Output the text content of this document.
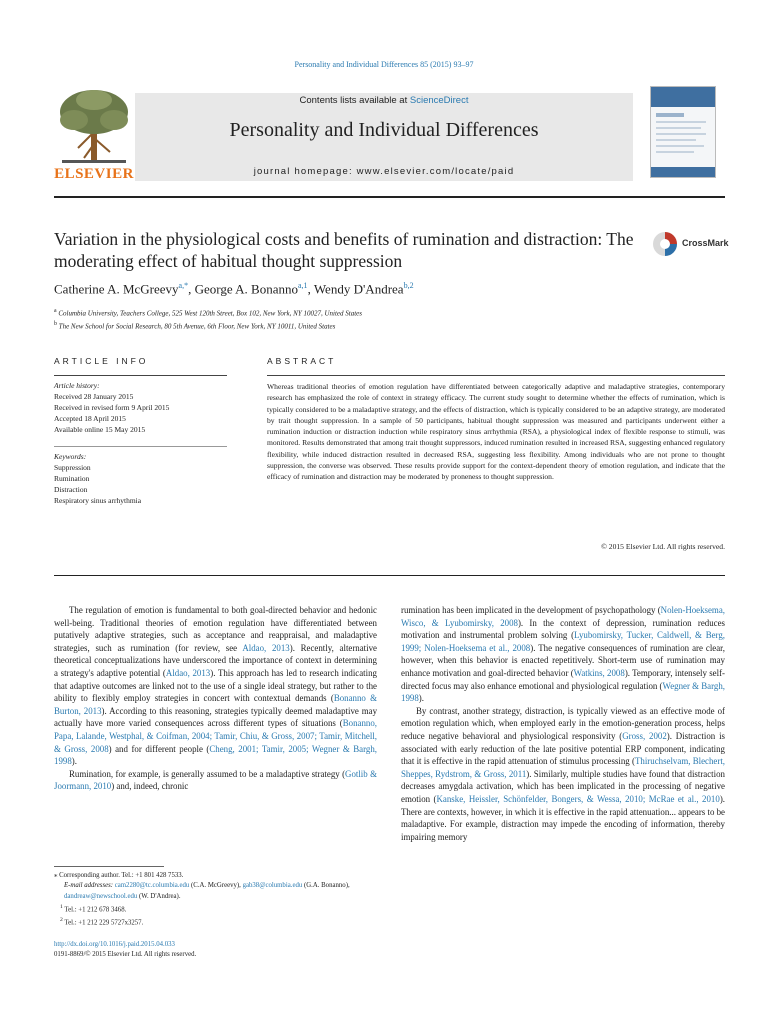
Personality and Individual Differences 85 (2015) 93–97
ELSEVIER
Contents lists available at ScienceDirect
Personality and Individual Differences
journal homepage: www.elsevier.com/locate/paid
Variation in the physiological costs and benefits of rumination and distraction: The moderating effect of habitual thought suppression
CrossMark
Catherine A. McGreevy$^{a,*}$, George A. Bonanno$^{a,1}$, Wendy D'Andrea$^{b,2}$
$^a$ Columbia University, Teachers College, 525 West 120th Street, Box 102, New York, NY 10027, United States
$^b$ The New School for Social Research, 80 5th Avenue, 6th Floor, New York, NY 10011, United States
ARTICLE INFO
Article history:
Received 28 January 2015
Received in revised form 9 April 2015
Accepted 18 April 2015
Available online 15 May 2015
Keywords:
Suppression
Rumination
Distraction
Respiratory sinus arrhythmia
ABSTRACT
Whereas traditional theories of emotion regulation have differentiated between categorically adaptive and maladaptive strategies, contemporary research has emphasized the role of context in strategy efficacy. The current study sought to determine whether the effects of rumination, which is typically considered to be a maladaptive strategy, and the effects of distraction, which is typically considered to be an adaptive strategy, are moderated by trait thought suppression. In a sample of 50 participants, habitual thought suppression was measured and participants underwent either a rumination induction or distraction induction while respiratory sinus arrhythmia (RSA), a physiological index of flexible response to stimuli, was monitored. Results demonstrated that among trait thought suppressors, induced rumination resulted in increased RSA, suggesting enhanced regulatory flexibility, while induced distraction resulted in decreased RSA, suggesting less flexibility. Among individuals who are not prone to thought suppression, the converse was observed. These results provide support for the context-dependent theory of emotion regulation, and indicate that the efficacy of rumination and distraction may be moderated by proneness to thought suppression.
© 2015 Elsevier Ltd. All rights reserved.

The regulation of emotion is fundamental to both goal-directed behavior and hedonic well-being. Traditional theories of emotion regulation have differentiated between putatively adaptive strategies, such as acceptance and reappraisal, and maladaptive strategies, such as rumination (for review, see Aldao, 2013). Recently, alternative theoretical conceptualizations have underscored the importance of context in determining a strategy's adaptive potential (Aldao, 2013). This approach has led to research indicating that adaptive outcomes are linked not to the use of a single ideal strategy, but rather to the ability to flexibly employ strategies in concert with contextual demands (Bonanno & Burton, 2013). According to this reasoning, strategies typically deemed maladaptive may actually have more varied consequences across different types of situations (Bonanno, Papa, Lalande, Westphal, & Coifman, 2004; Tamir, Chiu, & Gross, 2007; Tamir, Mitchell, & Gross, 2008) and for different people (Cheng, 2001; Tamir, 2005; Wegner & Bargh, 1998).

Rumination, for example, is generally assumed to be a maladaptive strategy (Gotlib & Joormann, 2010) and, indeed, chronic

⁎ Corresponding author. Tel.: +1 801 428 7533.

E-mail addresses: cam2280@tc.columbia.edu (C.A. McGreevy), gab38@columbia.edu (G.A. Bonanno), dandreaw@newschool.edu (W. D'Andrea).

$^1$ Tel.: +1 212 678 3468.

$^2$ Tel.: +1 212 229 5727x3257.

http://dx.doi.org/10.1016/j.paid.2015.04.033
0191-8869/© 2015 Elsevier Ltd. All rights reserved.

rumination has been implicated in the development of psychopathology (Nolen-Hoeksema, Wisco, & Lyubomirsky, 2008). In the context of depression, rumination reduces motivation and instrumental problem solving (Lyubomirsky, Tucker, Caldwell, & Berg, 1999; Nolen-Hoeksema et al., 2008). The negative consequences of rumination are clear, however, when this behavior is enacted repetitively. Short-term use of rumination may enhance motivation and goal-directed behavior (Watkins, 2008). Temporary, intensely self-directed focus may also enhance emotional and physiological regulation (Wegner & Bargh, 1998).

By contrast, another strategy, distraction, is typically viewed as an effective mode of emotion regulation which, when employed early in the emotion-generation process, helps reduce negative behavioral and physiological responsivity (Gross, 2002). Distraction is associated with early reduction of the late positive potential ERP component, indicating that it is effective in the rapid attenuation of stimulus processing (Thiruchselvam, Blechert, Sheppes, Rydstrom, & Gross, 2011). Similarly, multiple studies have found that distraction decreases amygdala activation, which has been implicated in the processing of negative emotion (Kanske, Heissler, Schönfelder, Bongers, & Wessa, 2010; McRae et al., 2010). There are contexts, however, in which it is effective in the rapid attenuation... appears to be maladaptive. For example, distraction may impede the encoding of information, thereby impairing memory
